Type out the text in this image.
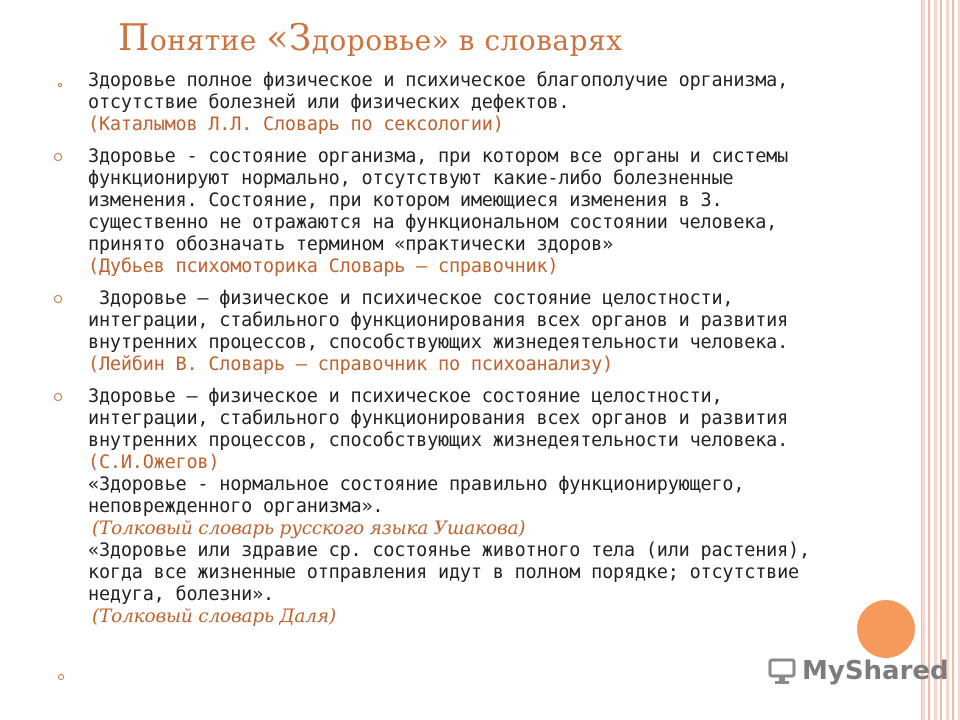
Понятие «Здоровье» в словарях
Здоровье полное физическое и психическое благополучие организма,
отсутствие болезней или физических дефектов.
(Каталымов Л.Л. Словарь по сексологии)
Здоровье - состояние организма, при котором все органы и системы
функционируют нормально, отсутствуют какие-либо болезненные
изменения. Состояние, при котором имеющиеся изменения в З.
существенно не отражаются на функциональном состоянии человека,
принято обозначать термином «практически здоров»
(Дубьев психомоторика Словарь – справочник)
Здоровье – физическое и психическое состояние целостности,
интеграции, стабильного функционирования всех органов и развития
внутренних процессов, способствующих жизнедеятельности человека.
(Лейбин В. Словарь – справочник по психоанализу)
Здоровье – физическое и психическое состояние целостности,
интеграции, стабильного функционирования всех органов и развития
внутренних процессов, способствующих жизнедеятельности человека.
(С.И.Ожегов)
«Здоровье - нормальное состояние правильно функционирующего,
неповрежденного организма».
(Толковый словарь русского языка Ушакова)
«Здоровье или здравие ср. состоянье животного тела (или растения),
когда все жизненные отправления идут в полном порядке; отсутствие
недуга, болезни».
(Толковый словарь Даля)
MyShared
